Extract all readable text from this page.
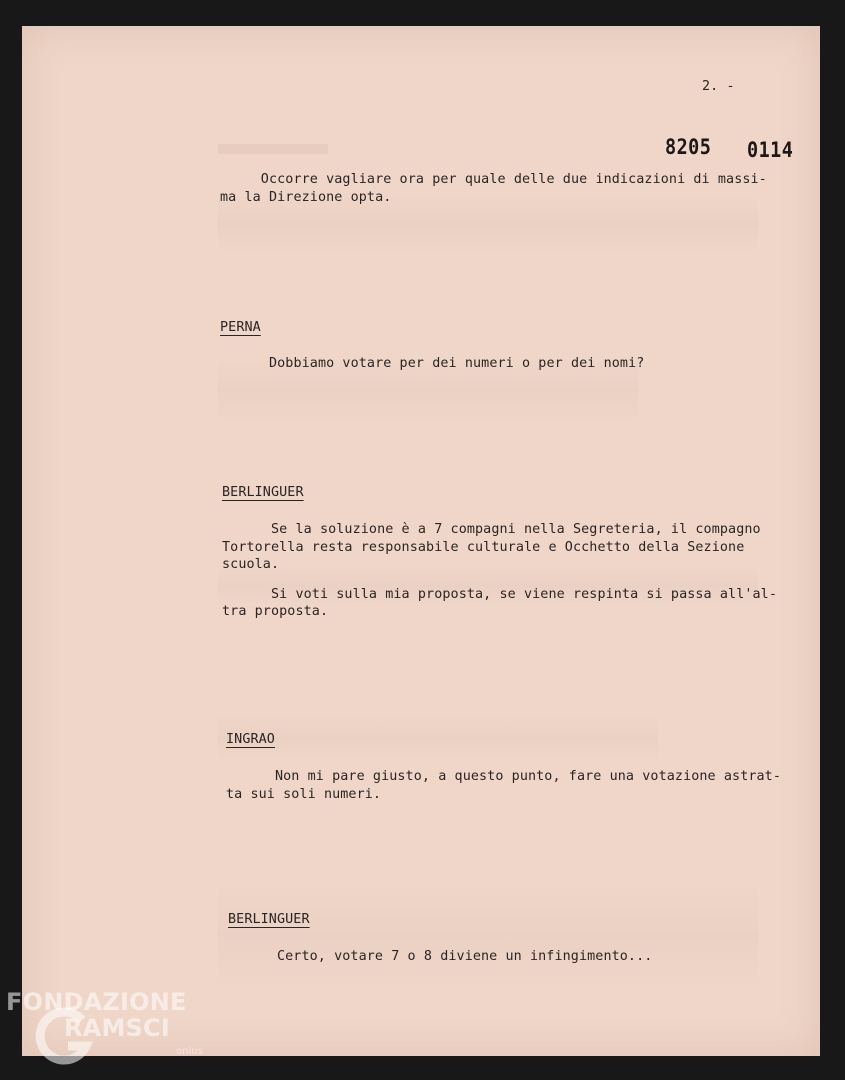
2. -
8205 0114
Occorre vagliare ora per quale delle due indicazioni di massi-
ma la Direzione opta.
PERNA
Dobbiamo votare per dei numeri o per dei nomi?
BERLINGUER
Se la soluzione è a 7 compagni nella Segreteria, il compagno
Tortorella resta responsabile culturale e Occhetto della Sezione
scuola.
Si voti sulla mia proposta, se viene respinta si passa all'al-
tra proposta.
INGRAO
Non mi pare giusto, a questo punto, fare una votazione astrat-
ta sui soli numeri.
BERLINGUER
Certo, votare 7 o 8 diviene un infingimento...
FONDAZIONE
RAMSCI
onlus
